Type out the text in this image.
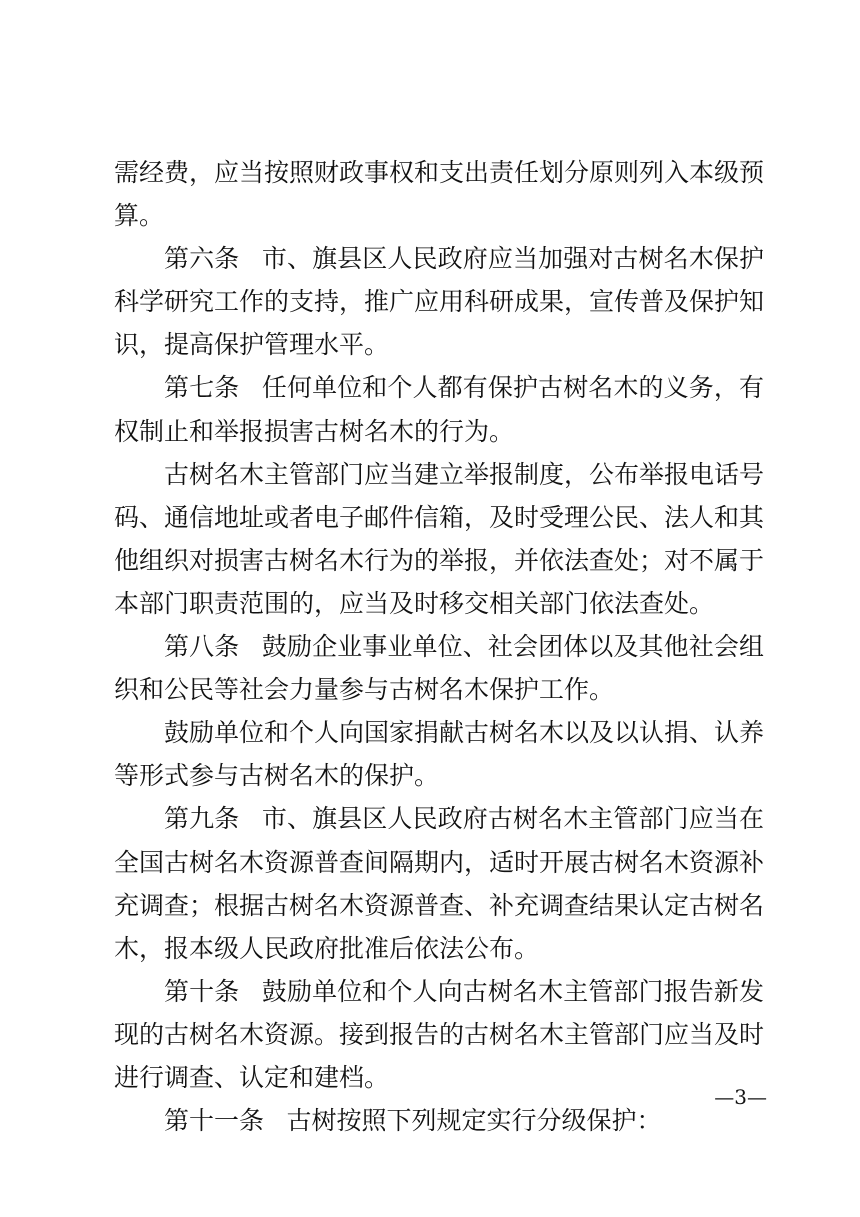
需经费，应当按照财政事权和支出责任划分原则列入本级预算。

第六条 市、旗县区人民政府应当加强对古树名木保护科学研究工作的支持，推广应用科研成果，宣传普及保护知识，提高保护管理水平。

第七条 任何单位和个人都有保护古树名木的义务，有权制止和举报损害古树名木的行为。

古树名木主管部门应当建立举报制度，公布举报电话号码、通信地址或者电子邮件信箱，及时受理公民、法人和其他组织对损害古树名木行为的举报，并依法查处；对不属于本部门职责范围的，应当及时移交相关部门依法查处。

第八条 鼓励企业事业单位、社会团体以及其他社会组织和公民等社会力量参与古树名木保护工作。

鼓励单位和个人向国家捐献古树名木以及以认捐、认养等形式参与古树名木的保护。

第九条 市、旗县区人民政府古树名木主管部门应当在全国古树名木资源普查间隔期内，适时开展古树名木资源补充调查；根据古树名木资源普查、补充调查结果认定古树名木，报本级人民政府批准后依法公布。

第十条 鼓励单位和个人向古树名木主管部门报告新发现的古树名木资源。接到报告的古树名木主管部门应当及时进行调查、认定和建档。

第十一条 古树按照下列规定实行分级保护：

—3—
